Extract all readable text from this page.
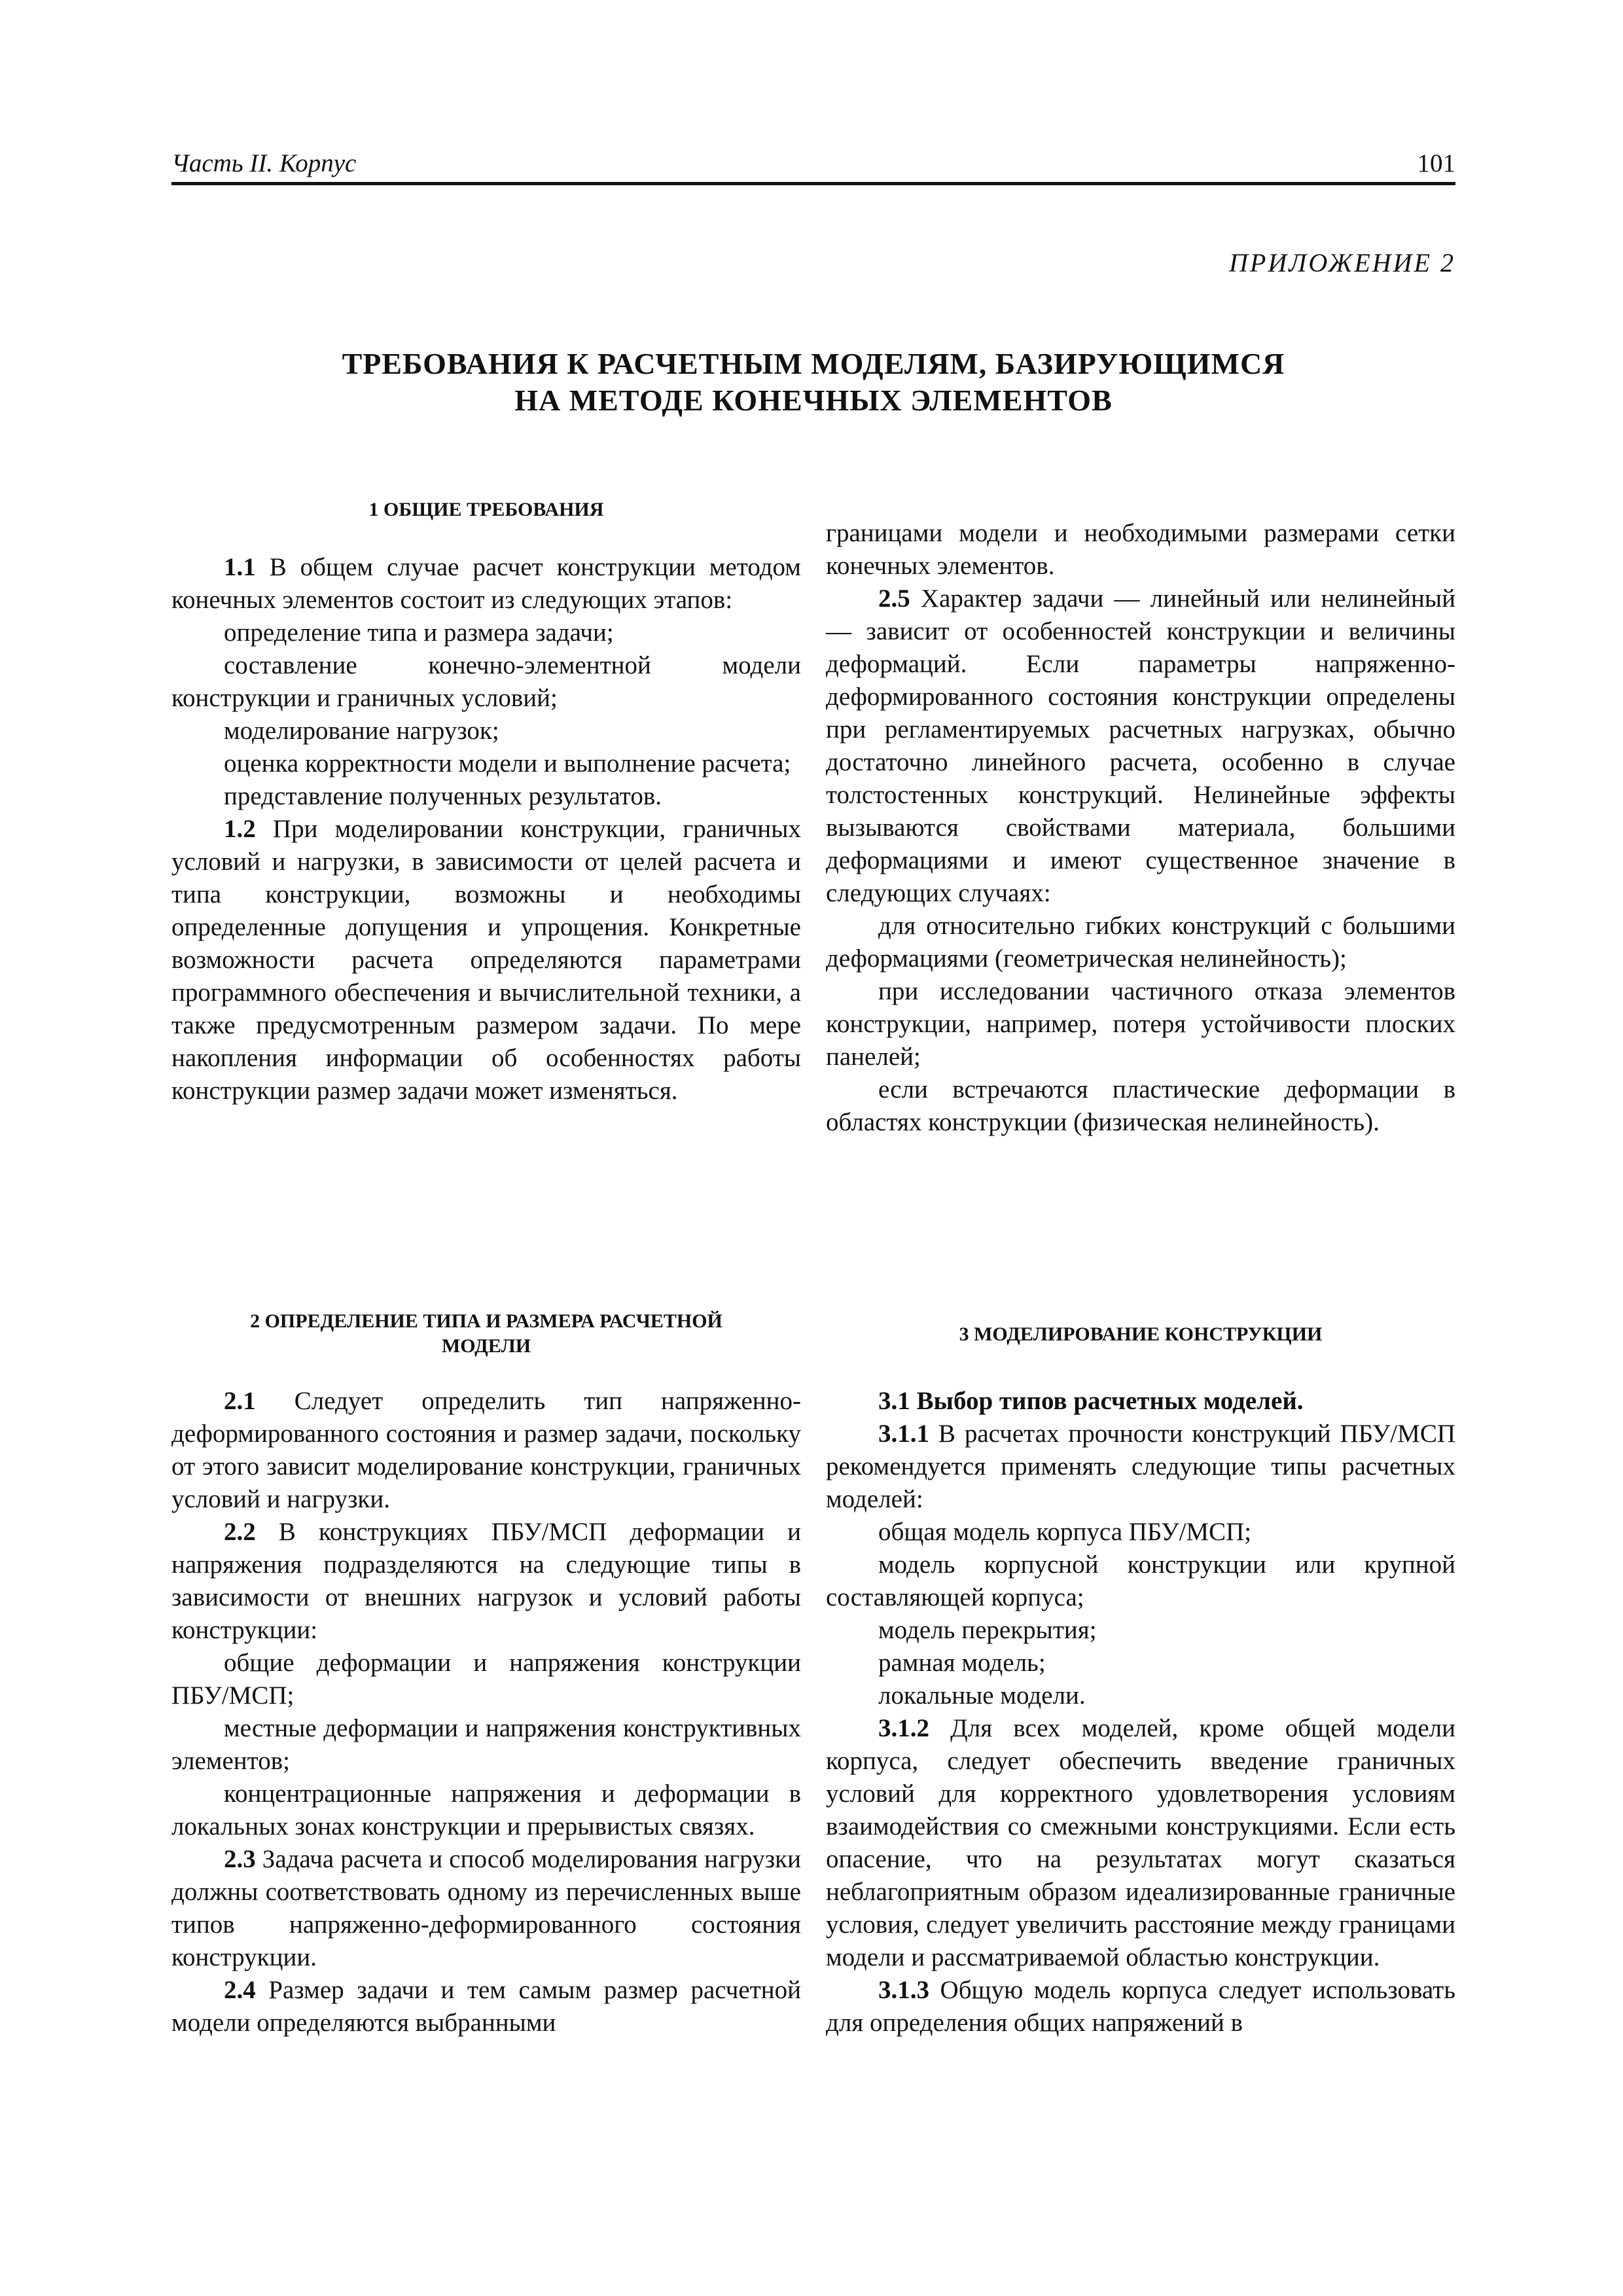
Часть II. Корпус	101
ПРИЛОЖЕНИЕ 2
ТРЕБОВАНИЯ К РАСЧЕТНЫМ МОДЕЛЯМ, БАЗИРУЮЩИМСЯ
НА МЕТОДЕ КОНЕЧНЫХ ЭЛЕМЕНТОВ
1 ОБЩИЕ ТРЕБОВАНИЯ

1.1 В общем случае расчет конструкции методом конечных элементов состоит из следующих этапов:

определение типа и размера задачи;

составление конечно-элементной модели конструкции и граничных условий;

моделирование нагрузок;

оценка корректности модели и выполнение расчета;

представление полученных результатов.

1.2 При моделировании конструкции, граничных условий и нагрузки, в зависимости от целей расчета и типа конструкции, возможны и необходимы определенные допущения и упрощения. Конкретные возможности расчета определяются параметрами программного обеспечения и вычислительной техники, а также предусмотренным размером задачи. По мере накопления информации об особенностях работы конструкции размер задачи может изменяться.

2 ОПРЕДЕЛЕНИЕ ТИПА И РАЗМЕРА РАСЧЕТНОЙ
МОДЕЛИ

2.1 Следует определить тип напряженно-деформированного состояния и размер задачи, поскольку от этого зависит моделирование конструкции, граничных условий и нагрузки.

2.2 В конструкциях ПБУ/МСП деформации и напряжения подразделяются на следующие типы в зависимости от внешних нагрузок и условий работы конструкции:

общие деформации и напряжения конструкции ПБУ/МСП;

местные деформации и напряжения конструктивных элементов;

концентрационные напряжения и деформации в локальных зонах конструкции и прерывистых связях.

2.3 Задача расчета и способ моделирования нагрузки должны соответствовать одному из перечисленных выше типов напряженно-деформированного состояния конструкции.

2.4 Размер задачи и тем самым размер расчетной модели определяются выбранными

границами модели и необходимыми размерами сетки конечных элементов.

2.5 Характер задачи — линейный или нелинейный — зависит от особенностей конструкции и величины деформаций. Если параметры напряженно-деформированного состояния конструкции определены при регламентируемых расчетных нагрузках, обычно достаточно линейного расчета, особенно в случае толстостенных конструкций. Нелинейные эффекты вызываются свойствами материала, большими деформациями и имеют существенное значение в следующих случаях:

для относительно гибких конструкций с большими деформациями (геометрическая нелинейность);

при исследовании частичного отказа элементов конструкции, например, потеря устойчивости плоских панелей;

если встречаются пластические деформации в областях конструкции (физическая нелинейность).

3 МОДЕЛИРОВАНИЕ КОНСТРУКЦИИ

3.1 Выбор типов расчетных моделей.

3.1.1 В расчетах прочности конструкций ПБУ/МСП рекомендуется применять следующие типы расчетных моделей:

общая модель корпуса ПБУ/МСП;

модель корпусной конструкции или крупной составляющей корпуса;

модель перекрытия;

рамная модель;

локальные модели.

3.1.2 Для всех моделей, кроме общей модели корпуса, следует обеспечить введение граничных условий для корректного удовлетворения условиям взаимодействия со смежными конструкциями. Если есть опасение, что на результатах могут сказаться неблагоприятным образом идеализированные граничные условия, следует увеличить расстояние между границами модели и рассматриваемой областью конструкции.

3.1.3 Общую модель корпуса следует использовать для определения общих напряжений в
